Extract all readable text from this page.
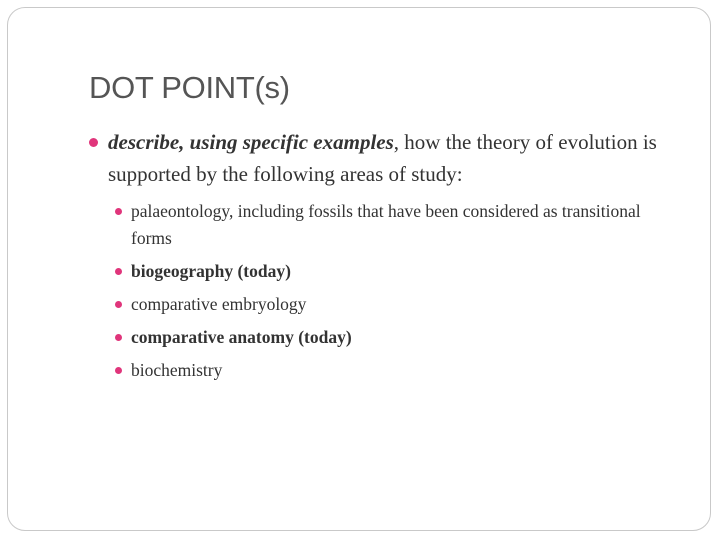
DOT POINT(s)
describe, using specific examples, how the theory of evolution is supported by the following areas of study:
palaeontology, including fossils that have been considered as transitional forms
biogeography (today)
comparative embryology
comparative anatomy (today)
biochemistry
